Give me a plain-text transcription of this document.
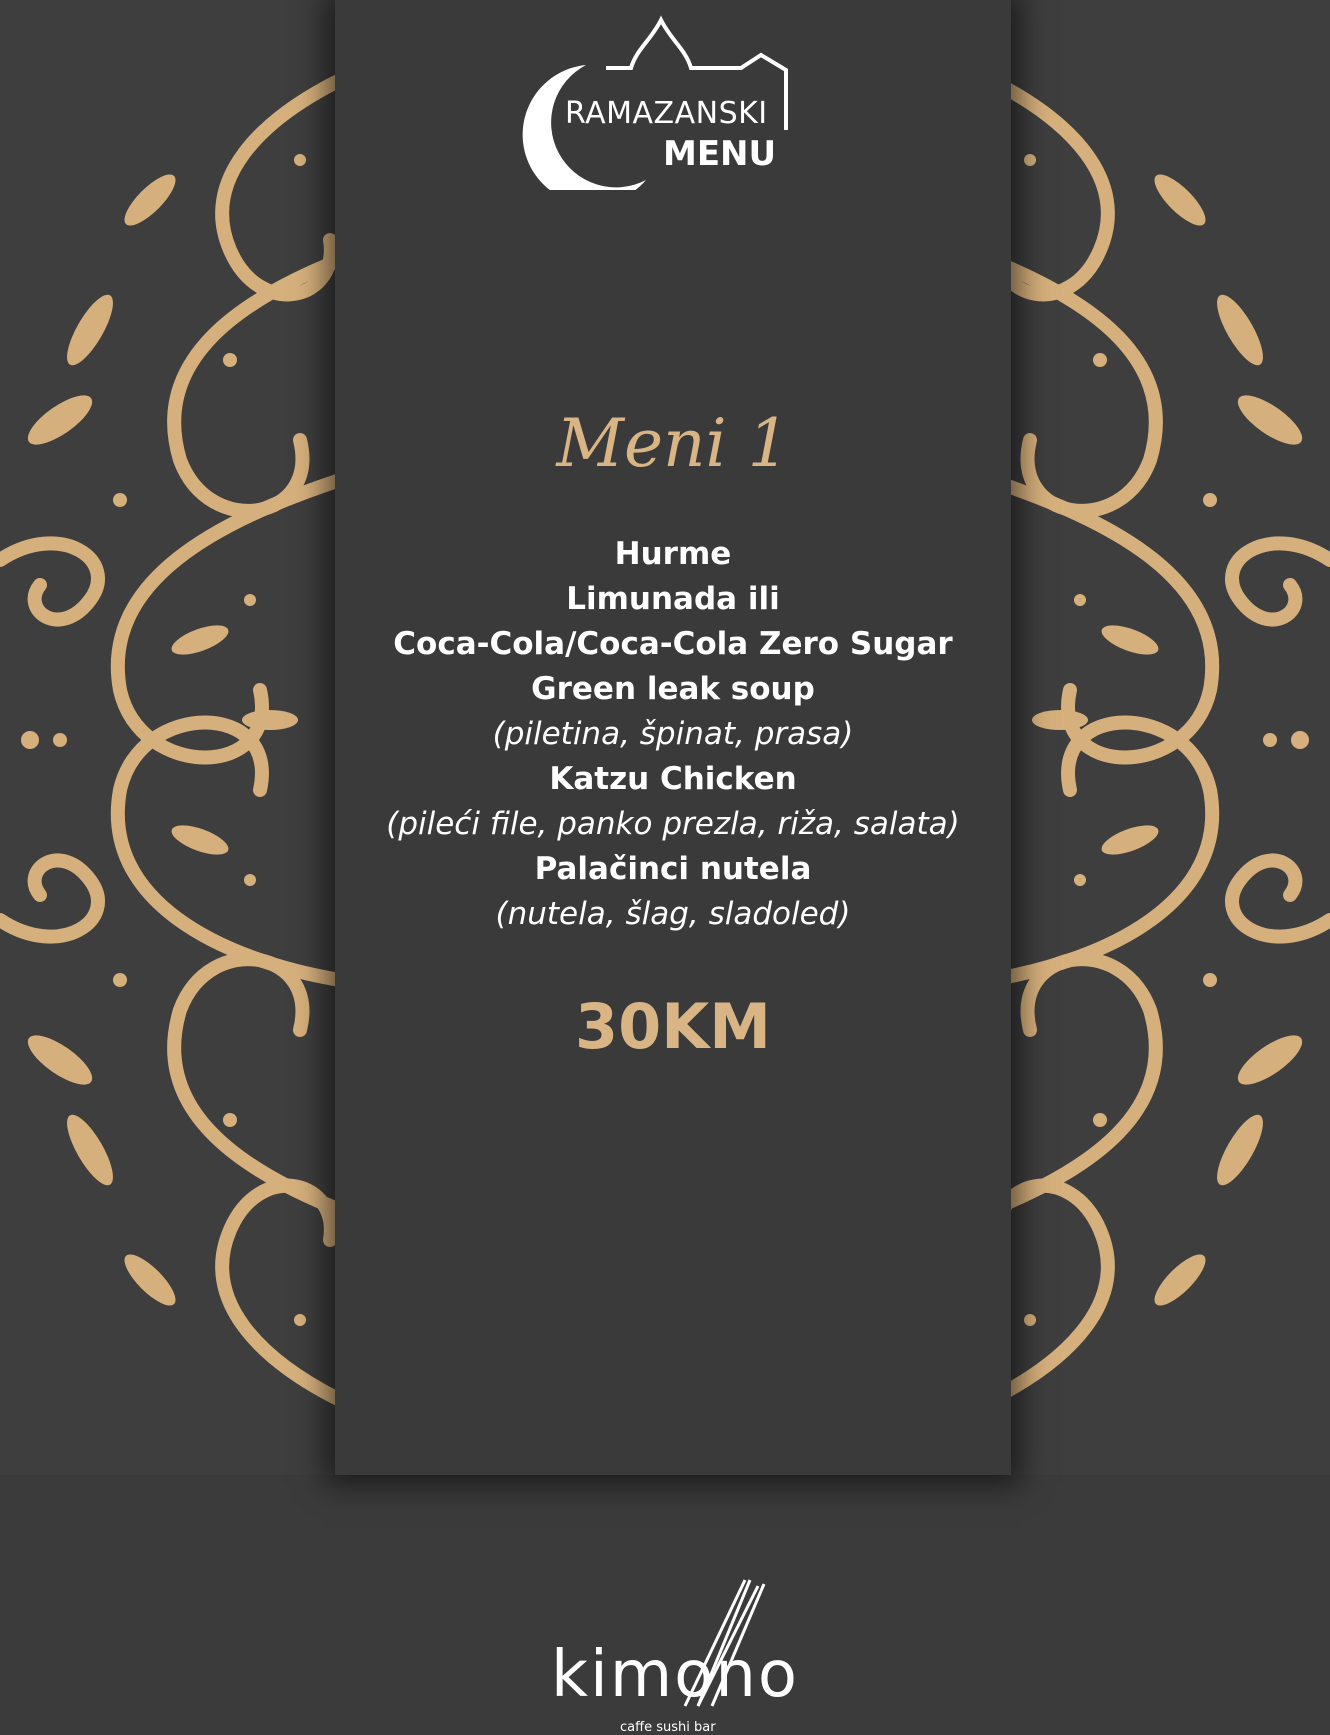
RAMAZANSKI
MENU
Meni 1
Hurme
Limunada ili
Coca-Cola/Coca-Cola Zero Sugar
Green leak soup
(piletina, špinat, prasa)
Katzu Chicken
(pileći file, panko prezla, riža, salata)
Palačinci nutela
(nutela, šlag, sladoled)
30KM
kimono
caffe sushi bar
